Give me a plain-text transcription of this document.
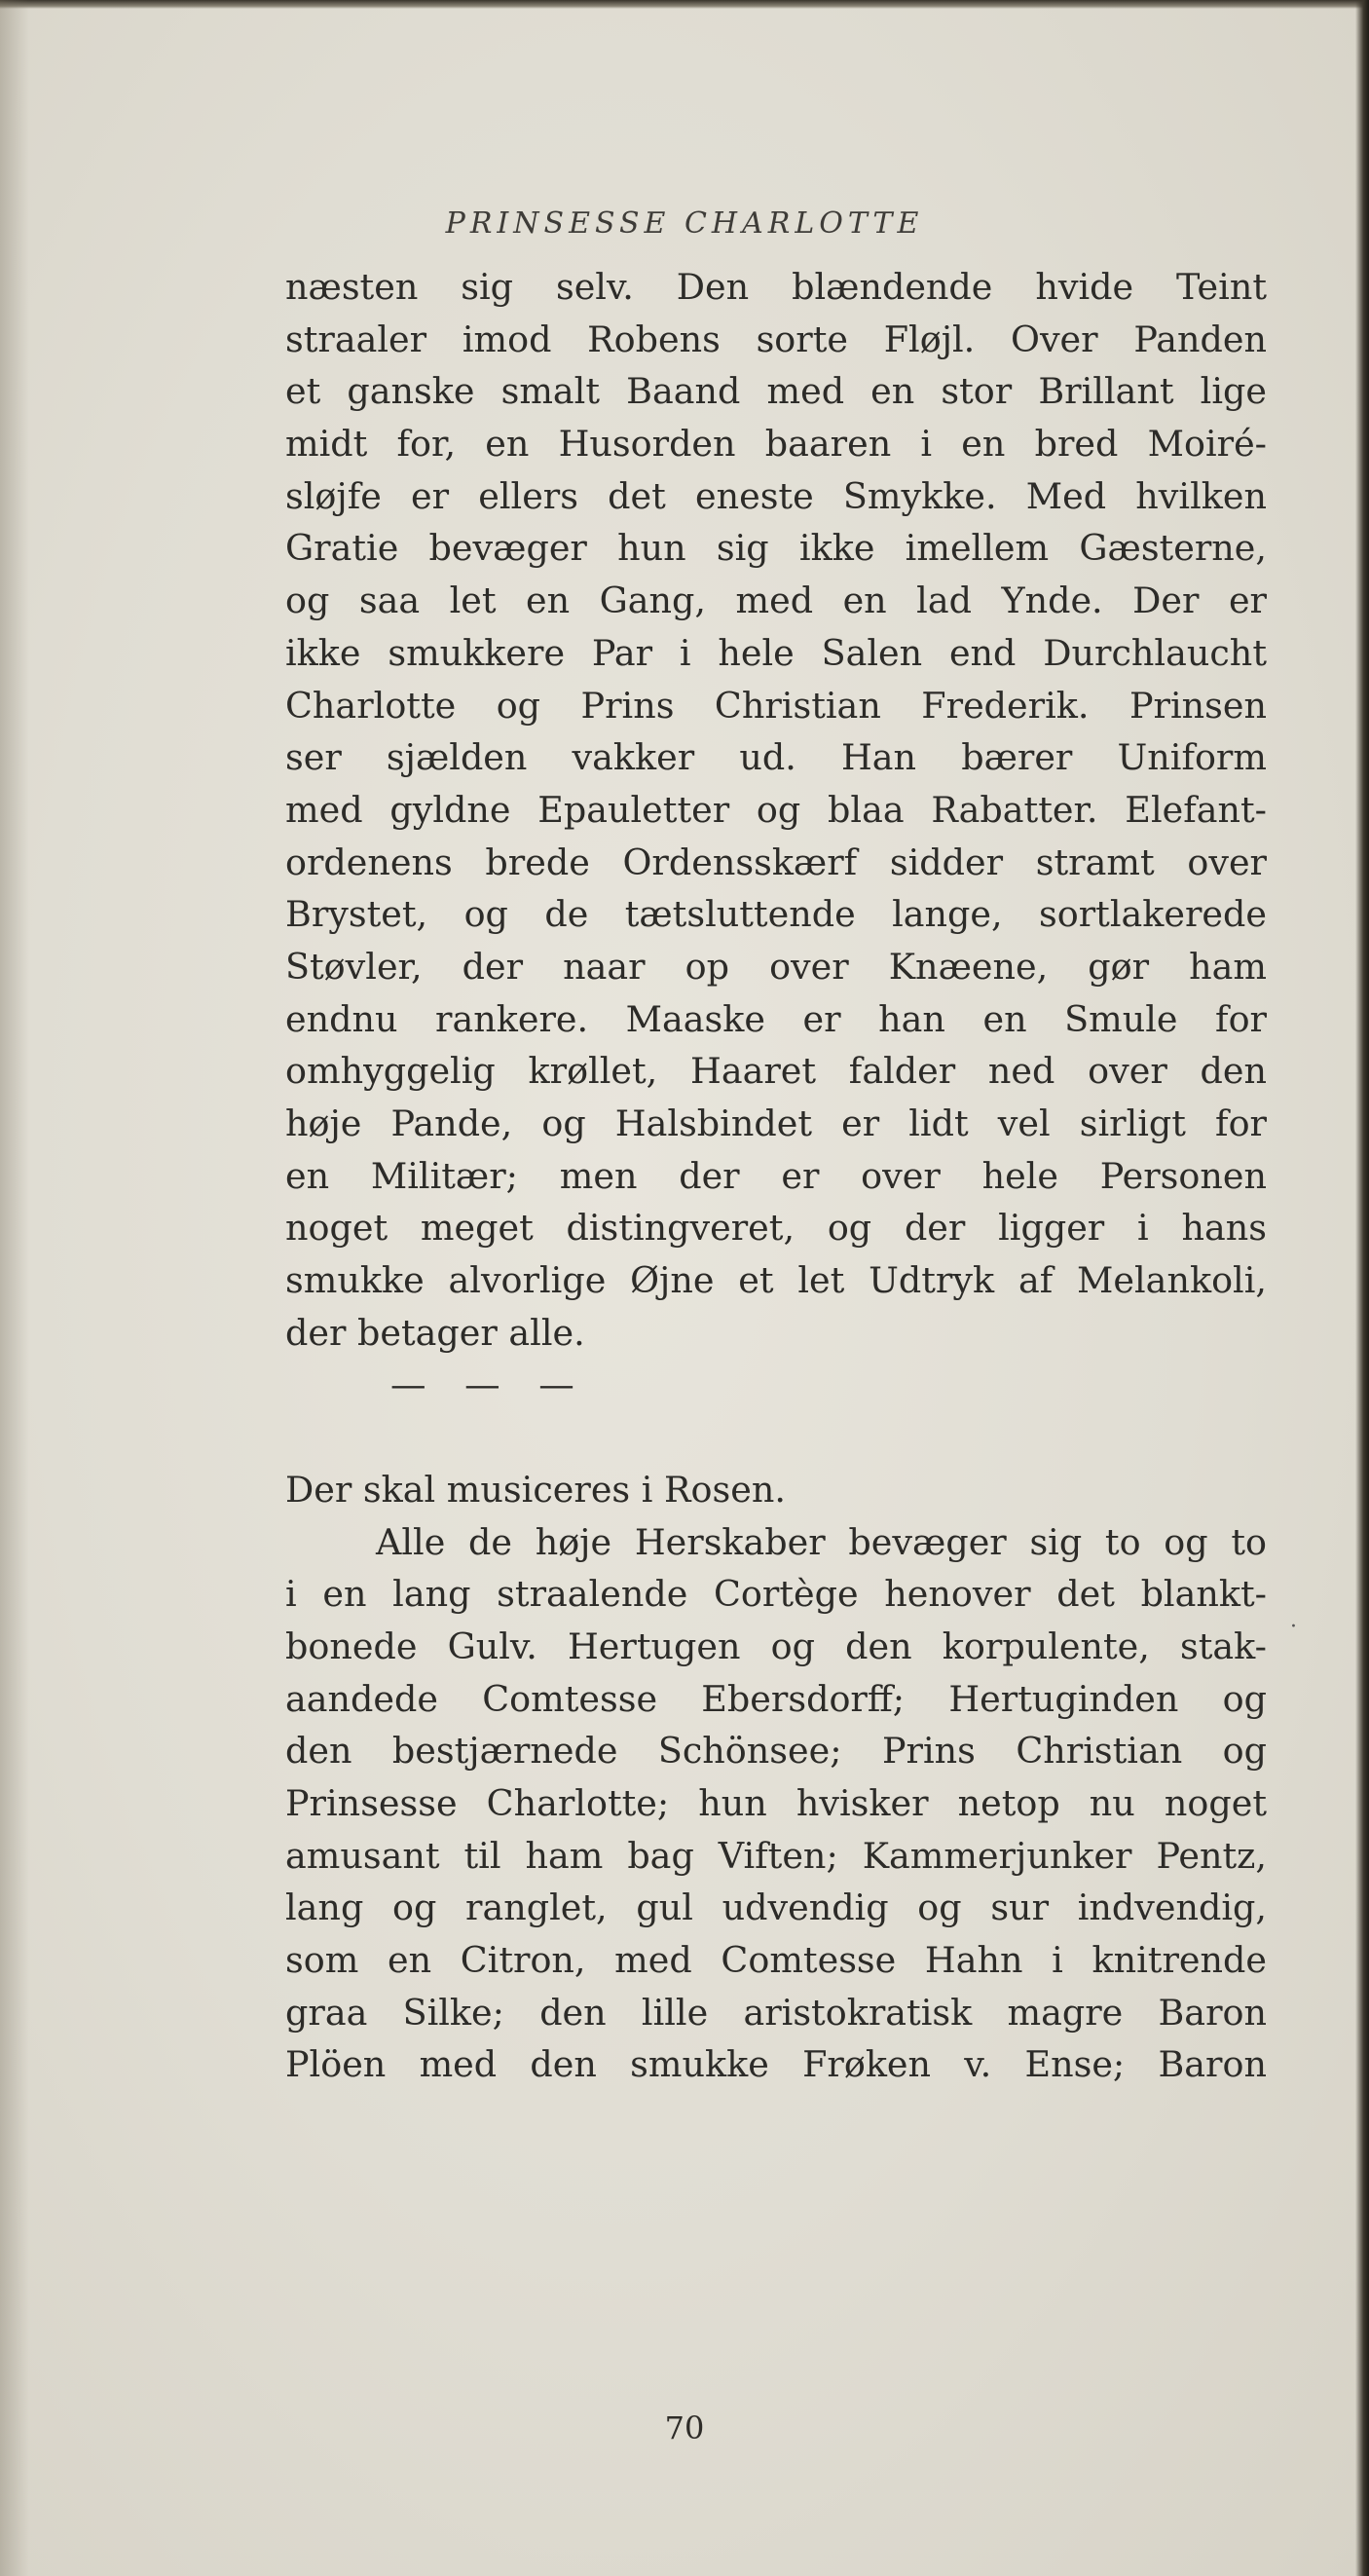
PRINSESSE CHARLOTTE
næsten sig selv. Den blændende hvide Teint
straaler imod Robens sorte Fløjl. Over Panden
et ganske smalt Baand med en stor Brillant lige
midt for, en Husorden baaren i en bred Moiré-
sløjfe er ellers det eneste Smykke. Med hvilken
Gratie bevæger hun sig ikke imellem Gæsterne,
og saa let en Gang, med en lad Ynde. Der er
ikke smukkere Par i hele Salen end Durchlaucht
Charlotte og Prins Christian Frederik. Prinsen
ser sjælden vakker ud. Han bærer Uniform
med gyldne Epauletter og blaa Rabatter. Elefant-
ordenens brede Ordensskærf sidder stramt over
Brystet, og de tætsluttende lange, sortlakerede
Støvler, der naar op over Knæene, gør ham
endnu rankere. Maaske er han en Smule for
omhyggelig krøllet, Haaret falder ned over den
høje Pande, og Halsbindet er lidt vel sirligt for
en Militær; men der er over hele Personen
noget meget distingveret, og der ligger i hans
smukke alvorlige Øjne et let Udtryk af Melankoli,
der betager alle.
— — —
Der skal musiceres i Rosen.
Alle de høje Herskaber bevæger sig to og to
i en lang straalende Cortège henover det blankt-
bonede Gulv. Hertugen og den korpulente, stak-
aandede Comtesse Ebersdorff; Hertuginden og
den bestjærnede Schönsee; Prins Christian og
Prinsesse Charlotte; hun hvisker netop nu noget
amusant til ham bag Viften; Kammerjunker Pentz,
lang og ranglet, gul udvendig og sur indvendig,
som en Citron, med Comtesse Hahn i knitrende
graa Silke; den lille aristokratisk magre Baron
Plöen med den smukke Frøken v. Ense; Baron
·
70
